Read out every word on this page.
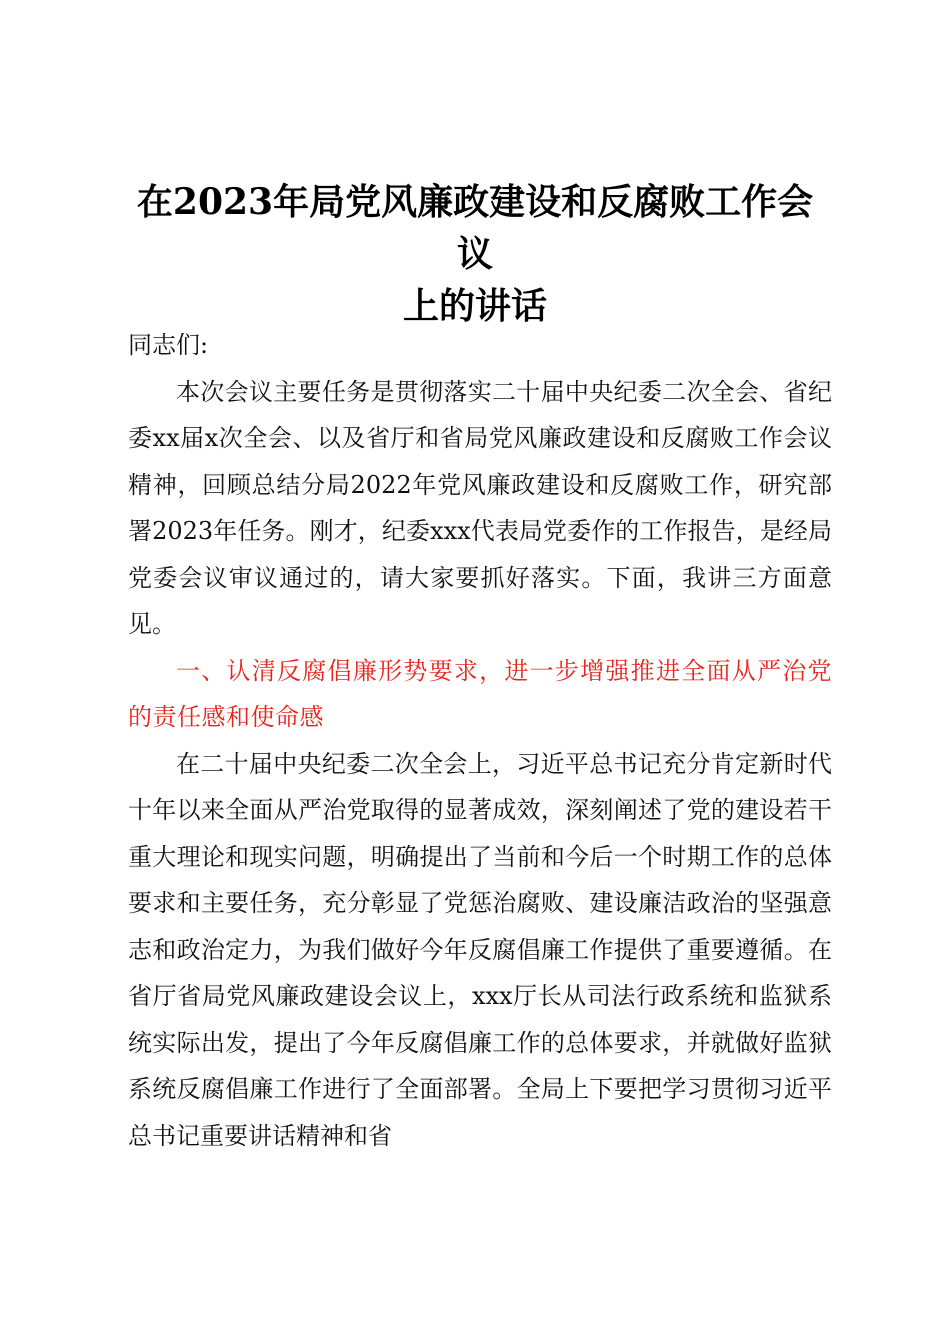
在2023年局党风廉政建设和反腐败工作会议
上的讲话

同志们:

本次会议主要任务是贯彻落实二十届中央纪委二次全会、省纪委xx届x次全会、以及省厅和省局党风廉政建设和反腐败工作会议精神，回顾总结分局2022年党风廉政建设和反腐败工作，研究部署2023年任务。刚才，纪委xxx代表局党委作的工作报告，是经局党委会议审议通过的，请大家要抓好落实。下面，我讲三方面意见。

一、认清反腐倡廉形势要求，进一步增强推进全面从严治党的责任感和使命感

在二十届中央纪委二次全会上，习近平总书记充分肯定新时代十年以来全面从严治党取得的显著成效，深刻阐述了党的建设若干重大理论和现实问题，明确提出了当前和今后一个时期工作的总体要求和主要任务，充分彰显了党惩治腐败、建设廉洁政治的坚强意志和政治定力，为我们做好今年反腐倡廉工作提供了重要遵循。在省厅省局党风廉政建设会议上，xxx厅长从司法行政系统和监狱系统实际出发，提出了今年反腐倡廉工作的总体要求，并就做好监狱系统反腐倡廉工作进行了全面部署。全局上下要把学习贯彻习近平总书记重要讲话精神和省
